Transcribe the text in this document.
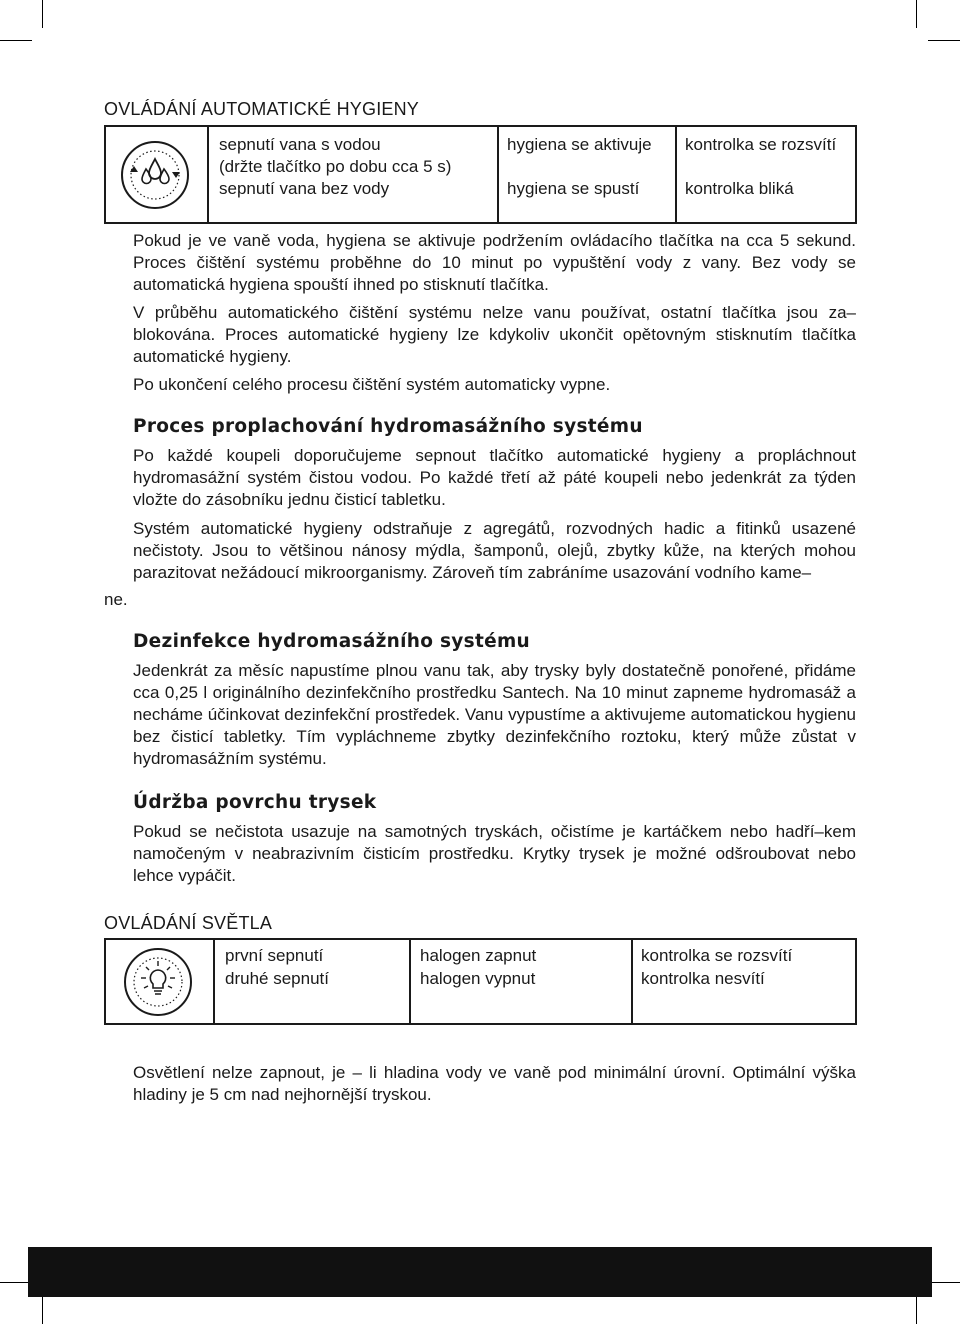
OVLÁDÁNÍ AUTOMATICKÉ HYGIENY
sepnutí vana s vodou
(držte tlačítko po dobu cca 5 s)
sepnutí vana bez vody
hygiena se aktivuje
hygiena se spustí
kontrolka se rozsvítí
kontrolka bliká
Pokud je ve vaně voda, hygiena se aktivuje podržením ovládacího tlačítka na cca 5 sekund. Proces čištění systému proběhne do 10 minut po vypuštění vody z vany. Bez vody se automatická hygiena spouští ihned po stisknutí tlačítka.
V průběhu automatického čištění systému nelze vanu používat, ostatní tlačítka jsou za–blokována. Proces automatické hygieny lze kdykoliv ukončit opětovným stisknutím tlačítka automatické hygieny.
Po ukončení celého procesu čištění systém automaticky vypne.
Proces proplachování hydromasážního systému
Po každé koupeli doporučujeme sepnout tlačítko automatické hygieny a propláchnout hydromasážní systém čistou vodou. Po každé třetí až páté koupeli nebo jedenkrát za týden vložte do zásobníku jednu čisticí tabletku.
Systém automatické hygieny odstraňuje z agregátů, rozvodných hadic a fitinků usazené nečistoty. Jsou to většinou nánosy mýdla, šamponů, olejů, zbytky kůže, na kterých mohou parazitovat nežádoucí mikroorganismy. Zároveň tím zabráníme usazování vodního kame–
ne.
Dezinfekce hydromasážního systému
Jedenkrát za měsíc napustíme plnou vanu tak, aby trysky byly dostatečně ponořené, přidáme cca 0,25 l originálního dezinfekčního prostředku Santech. Na 10 minut zapneme hydromasáž a necháme účinkovat dezinfekční prostředek. Vanu vypustíme a aktivujeme automatickou hygienu bez čisticí tabletky. Tím vypláchneme zbytky dezinfekčního roztoku, který může zůstat v hydromasážním systému.
Údržba povrchu trysek
Pokud se nečistota usazuje na samotných tryskách, očistíme je kartáčkem nebo hadří–kem namočeným v neabrazivním čisticím prostředku. Krytky trysek je možné odšroubovat nebo lehce vypáčit.
OVLÁDÁNÍ SVĚTLA
první sepnutí
druhé sepnutí
halogen zapnut
halogen vypnut
kontrolka se rozsvítí
kontrolka nesvítí
Osvětlení nelze zapnout, je – li hladina vody ve vaně pod minimální úrovní. Optimální výška hladiny je 5 cm nad nejhornější tryskou.
